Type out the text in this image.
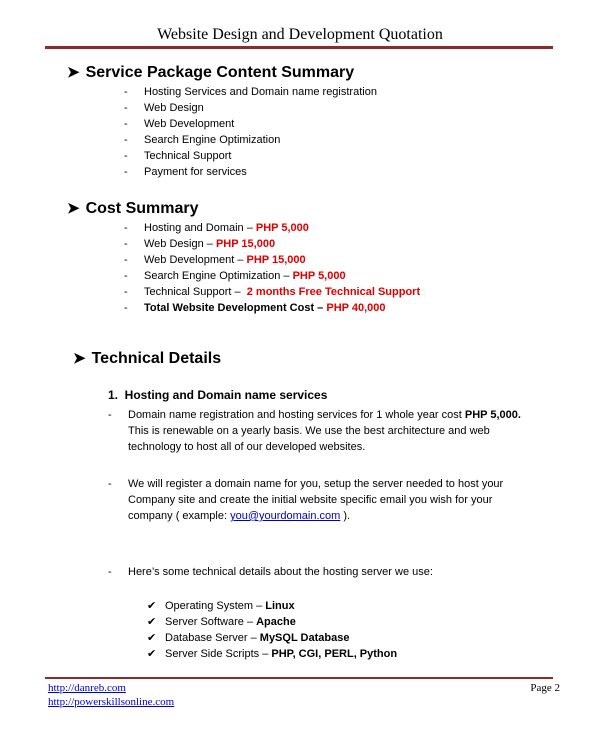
Website Design and Development Quotation
➤ Service Package Content Summary
- Hosting Services and Domain name registration
- Web Design
- Web Development
- Search Engine Optimization
- Technical Support
- Payment for services
➤ Cost Summary
- Hosting and Domain – PHP 5,000
- Web Design – PHP 15,000
- Web Development – PHP 15,000
- Search Engine Optimization – PHP 5,000
- Technical Support –  2 months Free Technical Support
- Total Website Development Cost – PHP 40,000
➤ Technical Details
1.  Hosting and Domain name services
- Domain name registration and hosting services for 1 whole year cost PHP 5,000.
This is renewable on a yearly basis. We use the best architecture and web
technology to host all of our developed websites.
- We will register a domain name for you, setup the server needed to host your
Company site and create the initial website specific email you wish for your
company ( example: you@yourdomain.com ).
- Here’s some technical details about the hosting server we use:
✔ Operating System – Linux
✔ Server Software – Apache
✔ Database Server – MySQL Database
✔ Server Side Scripts – PHP, CGI, PERL, Python
http://danreb.com
http://powerskillsonline.com
Page 2
